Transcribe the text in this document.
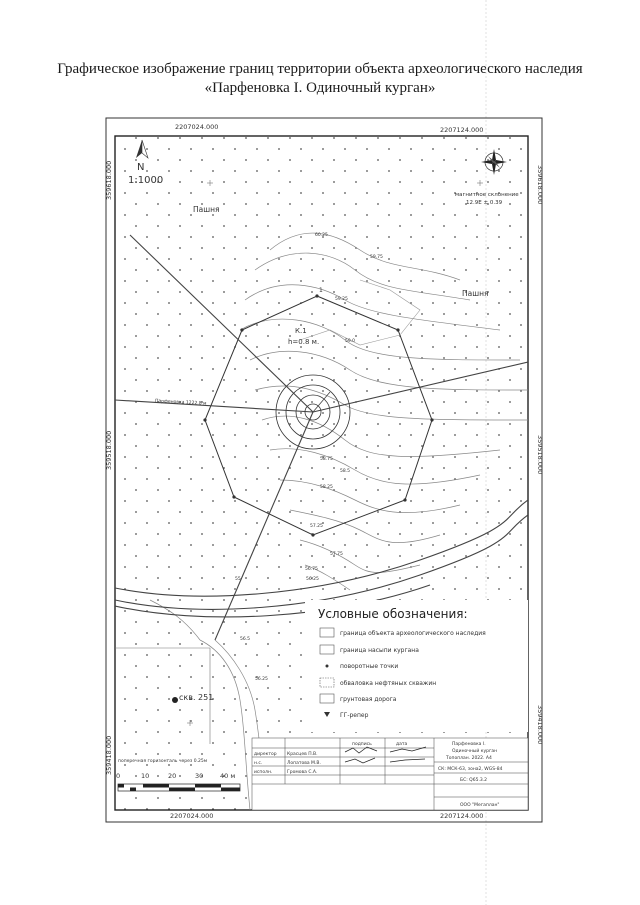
Графическое изображение границ территории объекта археологического наследия
«Парфеновка I. Одиночный курган»
2207024.000	2207124.000
2207024.000	2207124.000
359618.000
359518.000
359418.000
359618.000
359518.000
359418.000
N
1:1000
магнитное склонение
12.9E ± 0.39
Пашня
Пашня
К.1
h=0.8 м.
1
Парфеновка 1222.8 м
60.25
59.75
59.25
58.75
58.25
57.75
57.25
56.75
56.25
56.5
59.0
58.5
56.25
55
скв. 251
поперечная горизонталь через 0.25м
0	10	20	30	40 м
Условные обозначения:
граница объекта археологического наследия
граница насыпи кургана
поворотные точки
обваловка нефтяных скважин
грунтовая дорога
ГГ-репер
подпись	дата
директор Красцев П.В.
н.с.	Лопатова М.В.
исполн.	Громова С.А.
Парфеновка I.
Одиночный курган
Топоплан. 2022. А4
СК: МСК-63, зона2, WGS-84
БС: Q65.3.2
ООО "Мегаплан"
